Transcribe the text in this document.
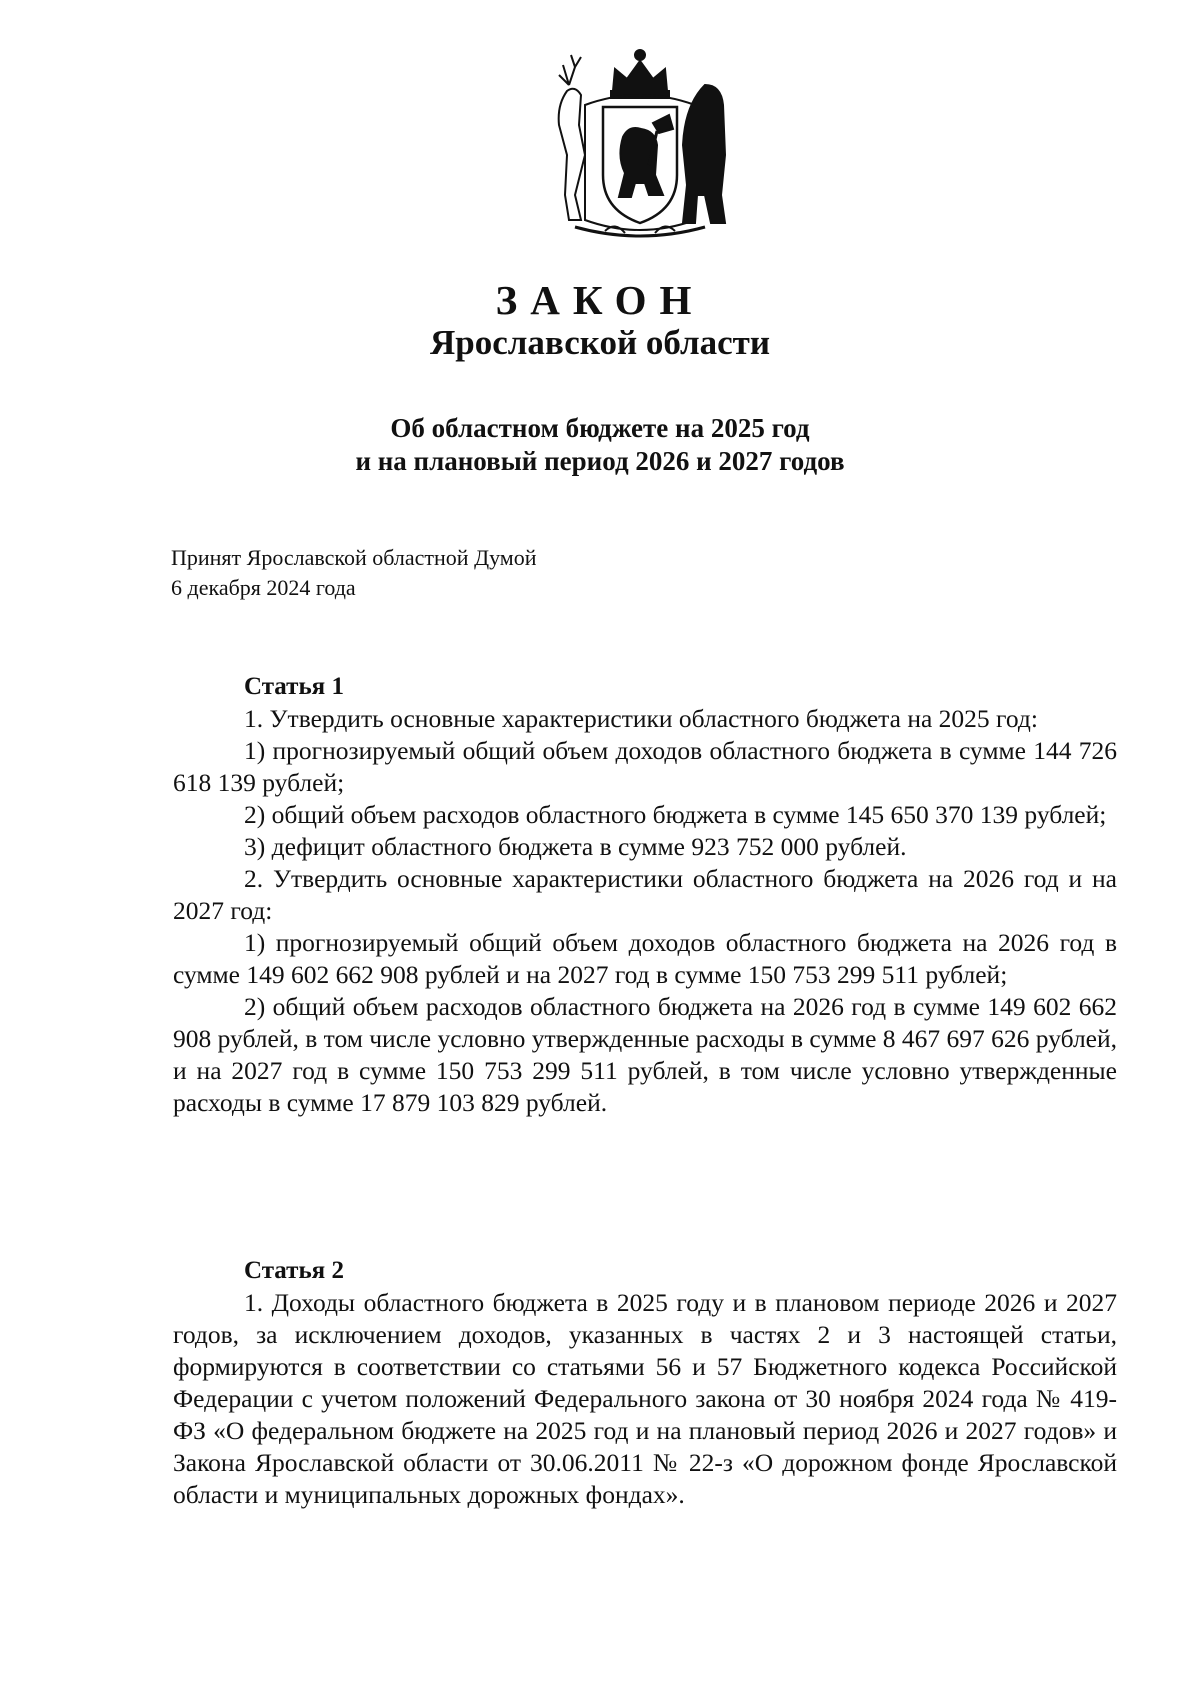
ЗАКОН
Ярославской области
Об областном бюджете на 2025 год
и на плановый период 2026 и 2027 годов
Принят Ярославской областной Думой
6 декабря 2024 года
Статья 1

1. Утвердить основные характеристики областного бюджета на 2025 год:

1) прогнозируемый общий объем доходов областного бюджета в сумме 144 726 618 139 рублей;

2) общий объем расходов областного бюджета в сумме 145 650 370 139 рублей;

3) дефицит областного бюджета в сумме 923 752 000 рублей.

2. Утвердить основные характеристики областного бюджета на 2026 год и на 2027 год:

1) прогнозируемый общий объем доходов областного бюджета на 2026 год в сумме 149 602 662 908 рублей и на 2027 год в сумме 150 753 299 511 рублей;

2) общий объем расходов областного бюджета на 2026 год в сумме 149 602 662 908 рублей, в том числе условно утвержденные расходы в сумме 8 467 697 626 рублей, и на 2027 год в сумме 150 753 299 511 рублей, в том числе условно утвержденные расходы в сумме 17 879 103 829 рублей.

Статья 2

1. Доходы областного бюджета в 2025 году и в плановом периоде 2026 и 2027 годов, за исключением доходов, указанных в частях 2 и 3 настоящей статьи, формируются в соответствии со статьями 56 и 57 Бюджетного кодекса Российской Федерации с учетом положений Федерального закона от 30 ноября 2024 года № 419-ФЗ «О федеральном бюджете на 2025 год и на плановый период 2026 и 2027 годов» и Закона Ярославской области от 30.06.2011 № 22-з «О дорожном фонде Ярославской области и муниципальных дорожных фондах».
